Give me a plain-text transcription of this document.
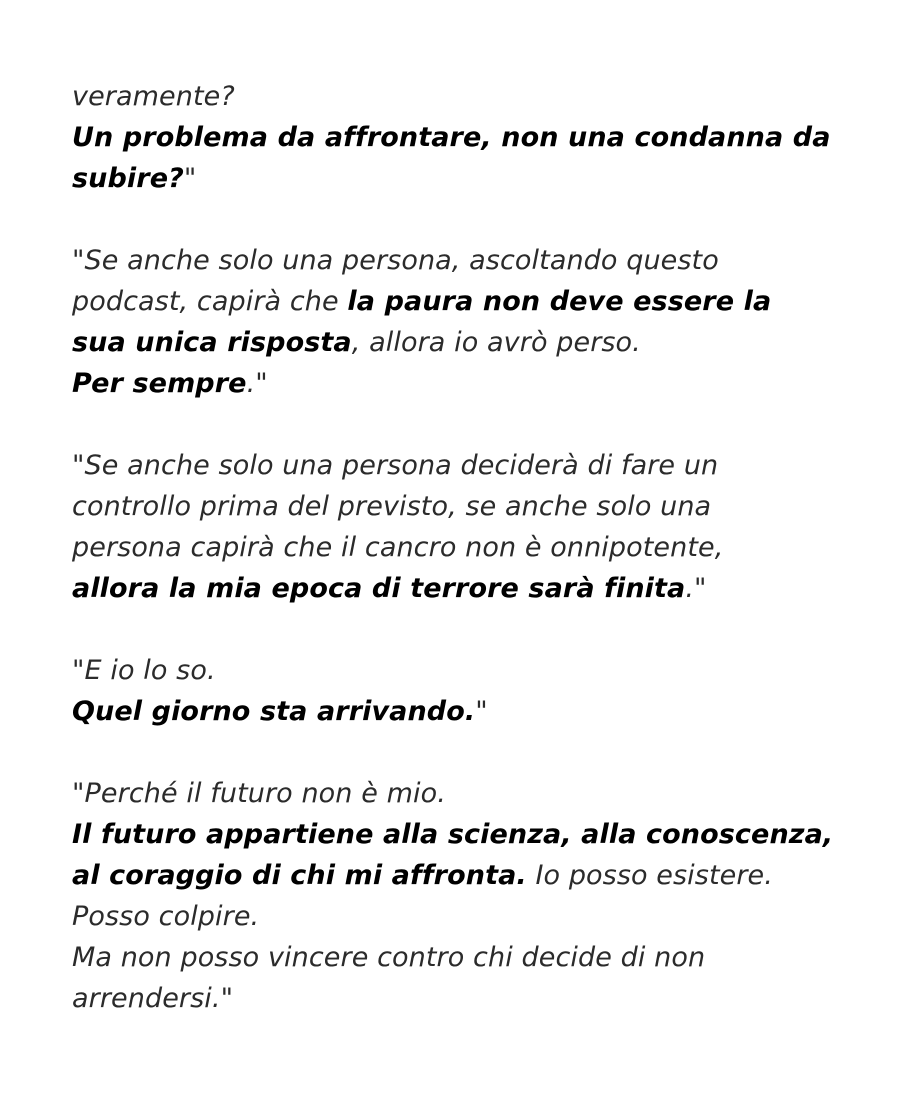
veramente?
Un problema da affrontare, non una condanna da
subire?"

"Se anche solo una persona, ascoltando questo
podcast, capirà che la paura non deve essere la
sua unica risposta, allora io avrò perso.
Per sempre."

"Se anche solo una persona deciderà di fare un
controllo prima del previsto, se anche solo una
persona capirà che il cancro non è onnipotente,
allora la mia epoca di terrore sarà finita."

"E io lo so.
Quel giorno sta arrivando."

"Perché il futuro non è mio.
Il futuro appartiene alla scienza, alla conoscenza,
al coraggio di chi mi affronta. Io posso esistere.
Posso colpire.
Ma non posso vincere contro chi decide di non
arrendersi."
